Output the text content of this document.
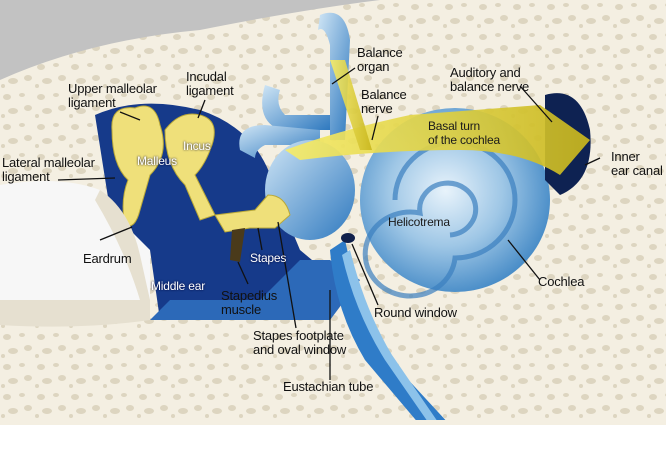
Balance
organ
Balance
nerve
Auditory and
balance nerve
Upper malleolar
ligament
Incudal
ligament
Lateral malleolar
ligament
Malleus
Incus
Basal turn
of the cochlea
Inner
ear canal
Helicotrema
Eardrum	Stapes
Middle ear
Stapedius
muscle
Cochlea
Round window
Stapes footplate
and oval window
Eustachian tube
